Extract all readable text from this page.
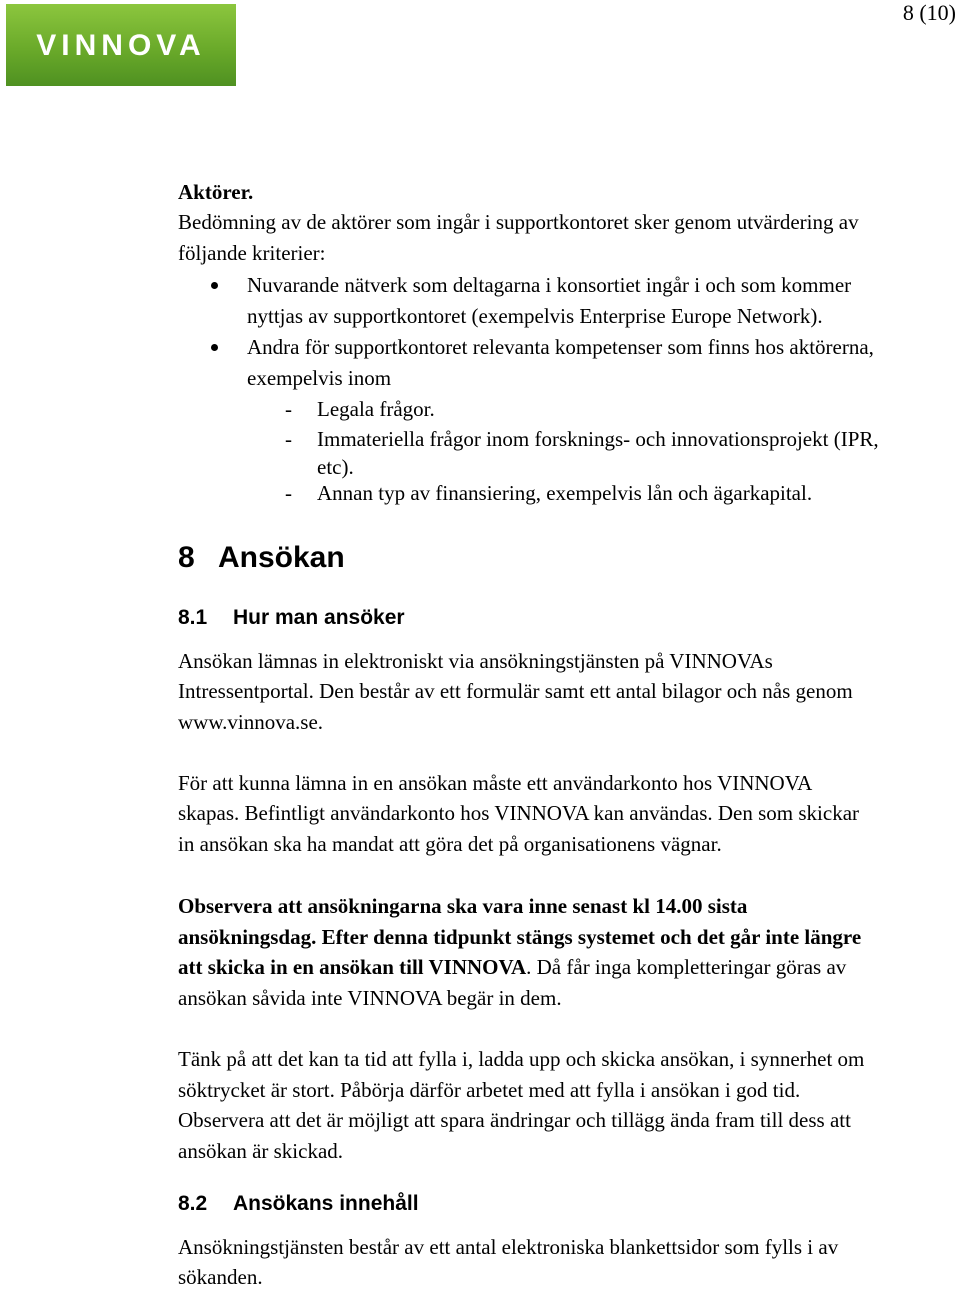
VINNOVA
8 (10)
Aktörer.
Bedömning av de aktörer som ingår i supportkontoret sker genom utvärdering av
följande kriterier:
Nuvarande nätverk som deltagarna i konsortiet ingår i och som kommer
nyttjas av supportkontoret (exempelvis Enterprise Europe Network).
Andra för supportkontoret relevanta kompetenser som finns hos aktörerna,
exempelvis inom
- Legala frågor.
- Immateriella frågor inom forsknings- och innovationsprojekt (IPR,
etc).
- Annan typ av finansiering, exempelvis lån och ägarkapital.
8 Ansökan
8.1 Hur man ansöker
Ansökan lämnas in elektroniskt via ansökningstjänsten på VINNOVAs
Intressentportal. Den består av ett formulär samt ett antal bilagor och nås genom
www.vinnova.se.
För att kunna lämna in en ansökan måste ett användarkonto hos VINNOVA
skapas. Befintligt användarkonto hos VINNOVA kan användas. Den som skickar
in ansökan ska ha mandat att göra det på organisationens vägnar.
Observera att ansökningarna ska vara inne senast kl 14.00 sista
ansökningsdag. Efter denna tidpunkt stängs systemet och det går inte längre
att skicka in en ansökan till VINNOVA. Då får inga kompletteringar göras av
ansökan såvida inte VINNOVA begär in dem.
Tänk på att det kan ta tid att fylla i, ladda upp och skicka ansökan, i synnerhet om
söktrycket är stort. Påbörja därför arbetet med att fylla i ansökan i god tid.
Observera att det är möjligt att spara ändringar och tillägg ända fram till dess att
ansökan är skickad.
8.2 Ansökans innehåll
Ansökningstjänsten består av ett antal elektroniska blankettsidor som fylls i av
sökanden.
